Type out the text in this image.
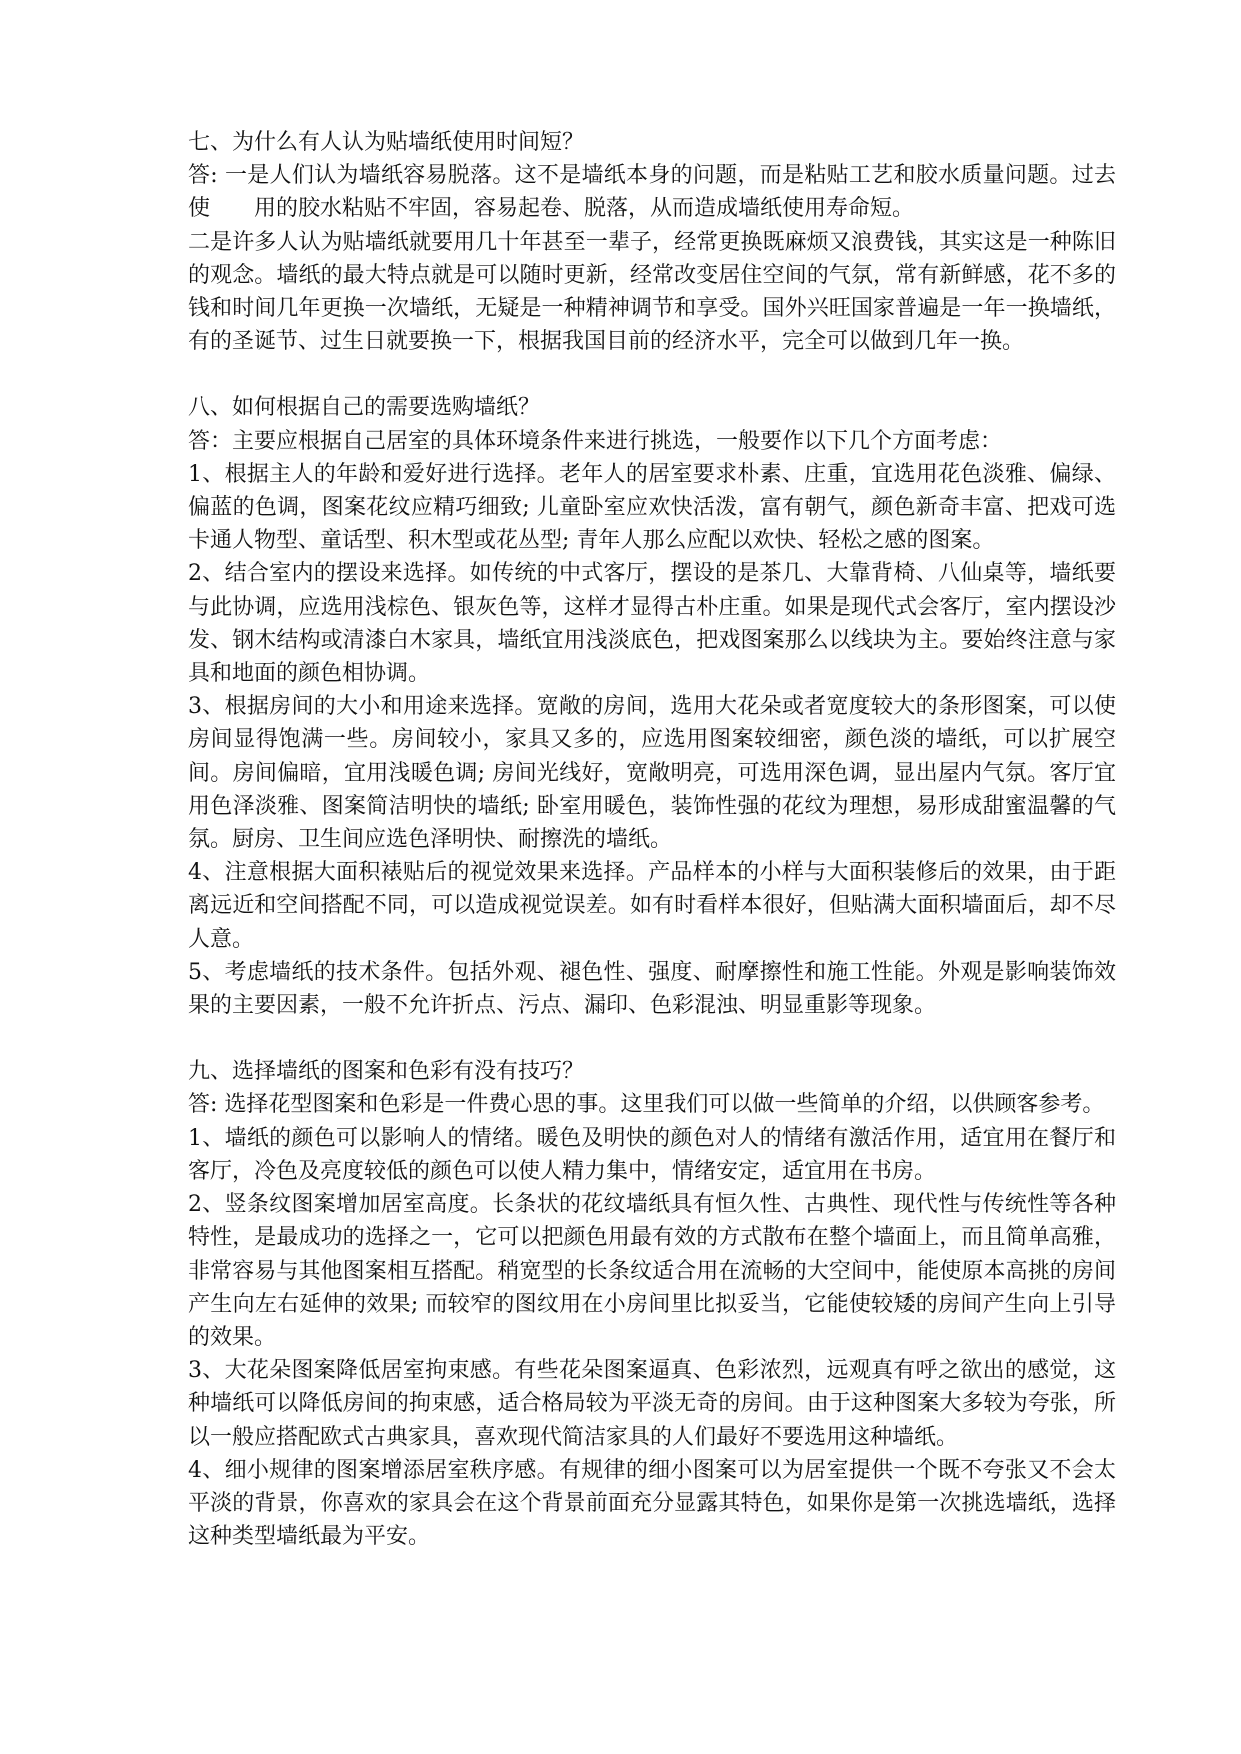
七、为什么有人认为贴墙纸使用时间短？

答: 一是人们认为墙纸容易脱落。这不是墙纸本身的问题，而是粘贴工艺和胶水质量问题。过去使　　用的胶水粘贴不牢固，容易起卷、脱落，从而造成墙纸使用寿命短。

二是许多人认为贴墙纸就要用几十年甚至一辈子，经常更换既麻烦又浪费钱，其实这是一种陈旧的观念。墙纸的最大特点就是可以随时更新，经常改变居住空间的气氛，常有新鲜感，花不多的钱和时间几年更换一次墙纸，无疑是一种精神调节和享受。国外兴旺国家普遍是一年一换墙纸，有的圣诞节、过生日就要换一下，根据我国目前的经济水平，完全可以做到几年一换。

八、如何根据自己的需要选购墙纸？

答：主要应根据自己居室的具体环境条件来进行挑选，一般要作以下几个方面考虑：

1、根据主人的年龄和爱好进行选择。老年人的居室要求朴素、庄重，宜选用花色淡雅、偏绿、偏蓝的色调，图案花纹应精巧细致; 儿童卧室应欢快活泼，富有朝气，颜色新奇丰富、把戏可选卡通人物型、童话型、积木型或花丛型; 青年人那么应配以欢快、轻松之感的图案。

2、结合室内的摆设来选择。如传统的中式客厅，摆设的是茶几、大靠背椅、八仙桌等，墙纸要与此协调，应选用浅棕色、银灰色等，这样才显得古朴庄重。如果是现代式会客厅，室内摆设沙发、钢木结构或清漆白木家具，墙纸宜用浅淡底色，把戏图案那么以线块为主。要始终注意与家具和地面的颜色相协调。

3、根据房间的大小和用途来选择。宽敞的房间，选用大花朵或者宽度较大的条形图案，可以使房间显得饱满一些。房间较小，家具又多的，应选用图案较细密，颜色淡的墙纸，可以扩展空间。房间偏暗，宜用浅暖色调; 房间光线好，宽敞明亮，可选用深色调，显出屋内气氛。客厅宜用色泽淡雅、图案简洁明快的墙纸; 卧室用暖色，装饰性强的花纹为理想，易形成甜蜜温馨的气氛。厨房、卫生间应选色泽明快、耐擦洗的墙纸。

4、注意根据大面积裱贴后的视觉效果来选择。产品样本的小样与大面积装修后的效果，由于距离远近和空间搭配不同，可以造成视觉误差。如有时看样本很好，但贴满大面积墙面后，却不尽人意。

5、考虑墙纸的技术条件。包括外观、褪色性、强度、耐摩擦性和施工性能。外观是影响装饰效果的主要因素，一般不允许折点、污点、漏印、色彩混浊、明显重影等现象。

九、选择墙纸的图案和色彩有没有技巧？

答: 选择花型图案和色彩是一件费心思的事。这里我们可以做一些简单的介绍，以供顾客参考。

1、墙纸的颜色可以影响人的情绪。暖色及明快的颜色对人的情绪有激活作用，适宜用在餐厅和客厅，冷色及亮度较低的颜色可以使人精力集中，情绪安定，适宜用在书房。

2、竖条纹图案增加居室高度。长条状的花纹墙纸具有恒久性、古典性、现代性与传统性等各种特性，是最成功的选择之一，它可以把颜色用最有效的方式散布在整个墙面上，而且简单高雅，非常容易与其他图案相互搭配。稍宽型的长条纹适合用在流畅的大空间中，能使原本高挑的房间产生向左右延伸的效果; 而较窄的图纹用在小房间里比拟妥当，它能使较矮的房间产生向上引导的效果。

3、大花朵图案降低居室拘束感。有些花朵图案逼真、色彩浓烈，远观真有呼之欲出的感觉，这种墙纸可以降低房间的拘束感，适合格局较为平淡无奇的房间。由于这种图案大多较为夸张，所以一般应搭配欧式古典家具，喜欢现代简洁家具的人们最好不要选用这种墙纸。

4、细小规律的图案增添居室秩序感。有规律的细小图案可以为居室提供一个既不夸张又不会太平淡的背景，你喜欢的家具会在这个背景前面充分显露其特色，如果你是第一次挑选墙纸，选择这种类型墙纸最为平安。
